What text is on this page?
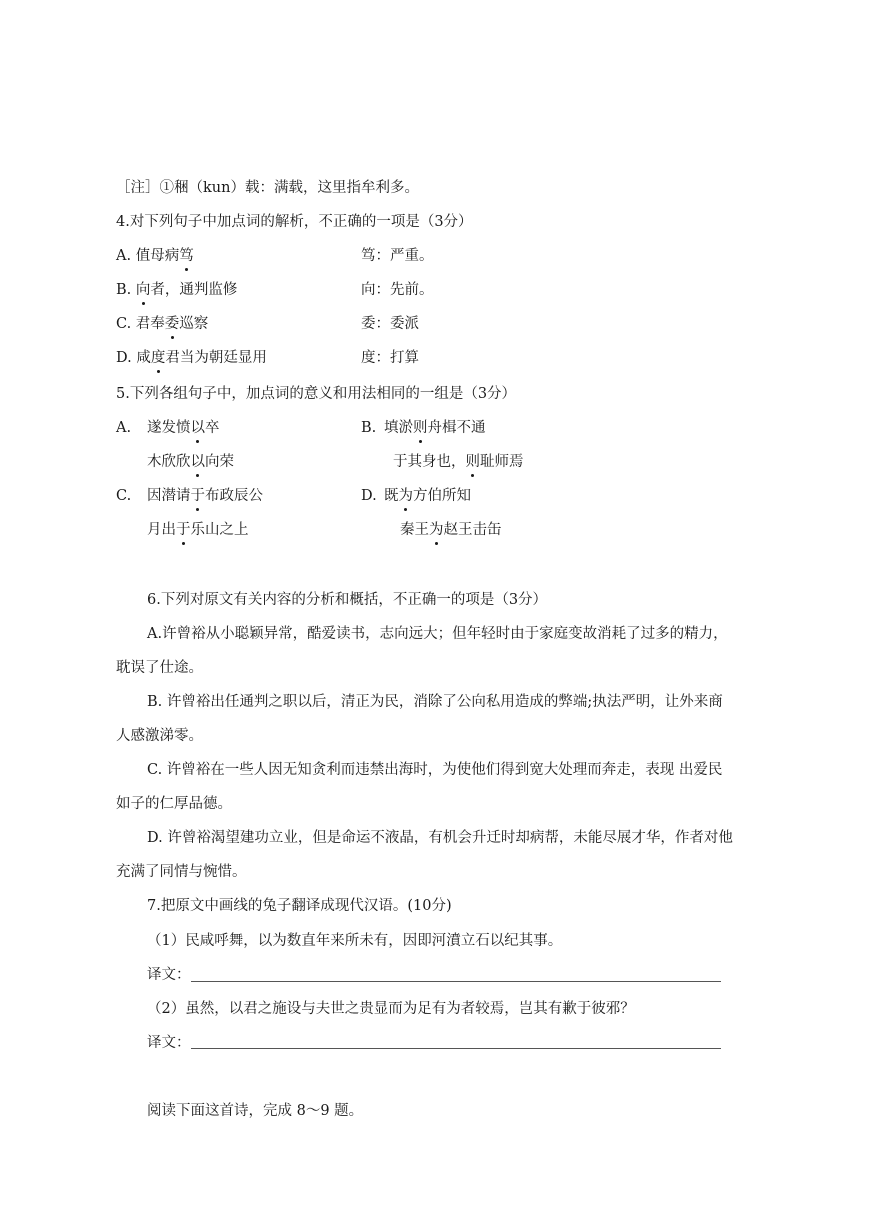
［注］①稇（kun）载：满载，这里指牟利多。
4.对下列句子中加点词的解析，不正确的一项是（3分）
A. 值母病笃	笃：严重。
B. 向者，通判监修	向：先前。
C. 君奉委巡察	委：委派
D. 咸度君当为朝廷显用	度：打算
5.下列各组句子中，加点词的意义和用法相同的一组是（3分）
A. 遂发愤以卒	B. 填淤则舟楫不通
木欣欣以向荣	于其身也，则耻师焉
C. 因潜请于布政辰公	D. 既为方伯所知
月出于乐山之上	秦王为赵王击缶
6.下列对原文有关内容的分析和概括，不正确一的项是（3分）
A.许曾裕从小聪颖异常，酷爱读书，志向远大；但年轻时由于家庭变故消耗了过多的精力，
耽误了仕途。
B. 许曾裕出任通判之职以后，清正为民，消除了公向私用造成的弊端;执法严明，让外来商
人感激涕零。
C. 许曾裕在一些人因无知贪利而违禁出海时，为使他们得到宽大处理而奔走，表现 出爱民
如子的仁厚品德。
D. 许曾裕渴望建功立业，但是命运不液晶，有机会升迁时却病帮，未能尽展才华，作者对他
充满了同情与惋惜。
7.把原文中画线的兔子翻译成现代汉语。(10分)
（1）民咸呼舞，以为数直年来所未有，因即河濆立石以纪其事。
译文：
（2）虽然，以君之施设与夫世之贵显而为足有为者较焉，岂其有歉于彼邪？
译文：
阅读下面这首诗，完成 8～9 题。
